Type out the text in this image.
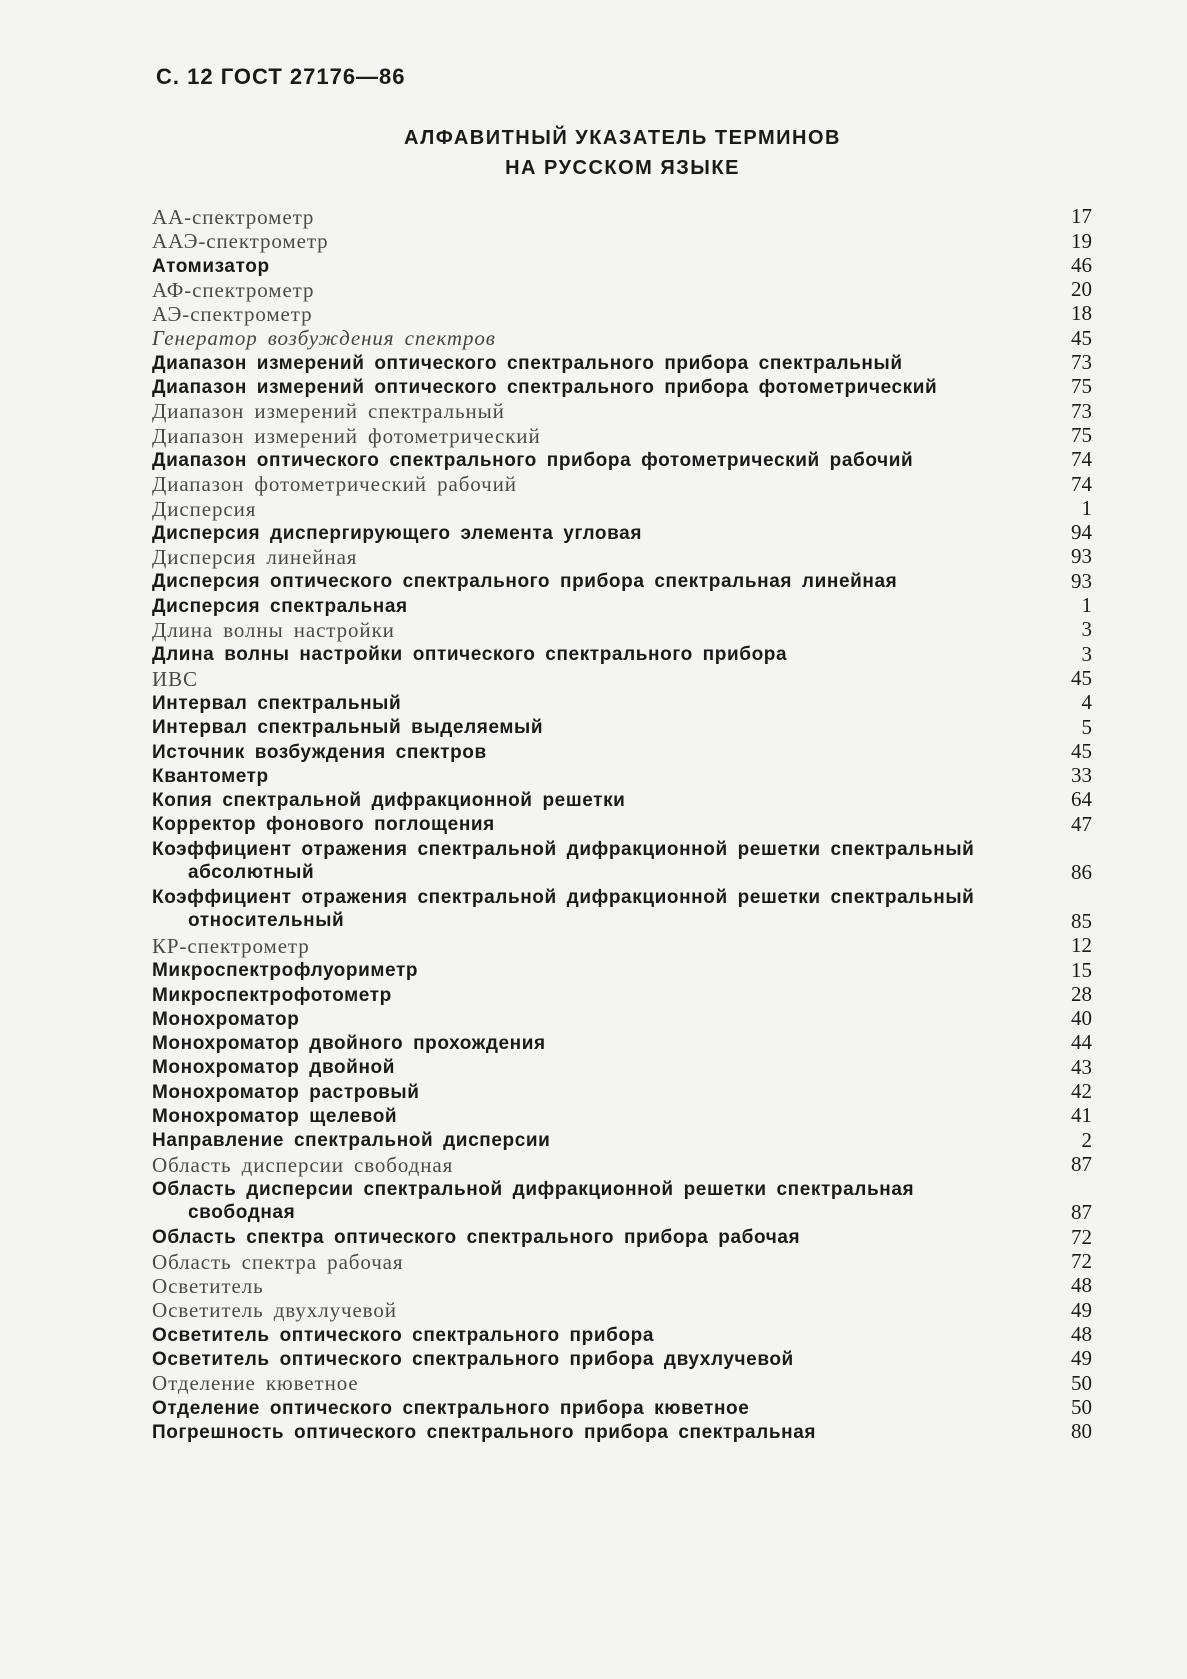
С. 12 ГОСТ 27176—86
АЛФАВИТНЫЙ УКАЗАТЕЛЬ ТЕРМИНОВ
НА РУССКОМ ЯЗЫКЕ
АА-спектрометр	17
ААЭ-спектрометр	19
Атомизатор	46
АФ-спектрометр	20
АЭ-спектрометр	18
Генератор возбуждения спектров	45
Диапазон измерений оптического спектрального прибора спектральный	73
Диапазон измерений оптического спектрального прибора фотометрический	75
Диапазон измерений спектральный	73
Диапазон измерений фотометрический	75
Диапазон оптического спектрального прибора фотометрический рабочий	74
Диапазон фотометрический рабочий	74
Дисперсия	1
Дисперсия диспергирующего элемента угловая	94
Дисперсия линейная	93
Дисперсия оптического спектрального прибора спектральная линейная	93
Дисперсия спектральная	1
Длина волны настройки	3
Длина волны настройки оптического спектрального прибора	3
ИВС	45
Интервал спектральный	4
Интервал спектральный выделяемый	5
Источник возбуждения спектров	45
Квантометр	33
Копия спектральной дифракционной решетки	64
Корректор фонового поглощения	47
Коэффициент отражения спектральной дифракционной решетки спектральный
абсолютный	86
Коэффициент отражения спектральной дифракционной решетки спектральный
относительный	85
КР-спектрометр	12
Микроспектрофлуориметр	15
Микроспектрофотометр	28
Монохроматор	40
Монохроматор двойного прохождения	44
Монохроматор двойной	43
Монохроматор растровый	42
Монохроматор щелевой	41
Направление спектральной дисперсии	2
Область дисперсии свободная	87
Область дисперсии спектральной дифракционной решетки спектральная
свободная	87
Область спектра оптического спектрального прибора рабочая	72
Область спектра рабочая	72
Осветитель	48
Осветитель двухлучевой	49
Осветитель оптического спектрального прибора	48
Осветитель оптического спектрального прибора двухлучевой	49
Отделение кюветное	50
Отделение оптического спектрального прибора кюветное	50
Погрешность оптического спектрального прибора спектральная	80
